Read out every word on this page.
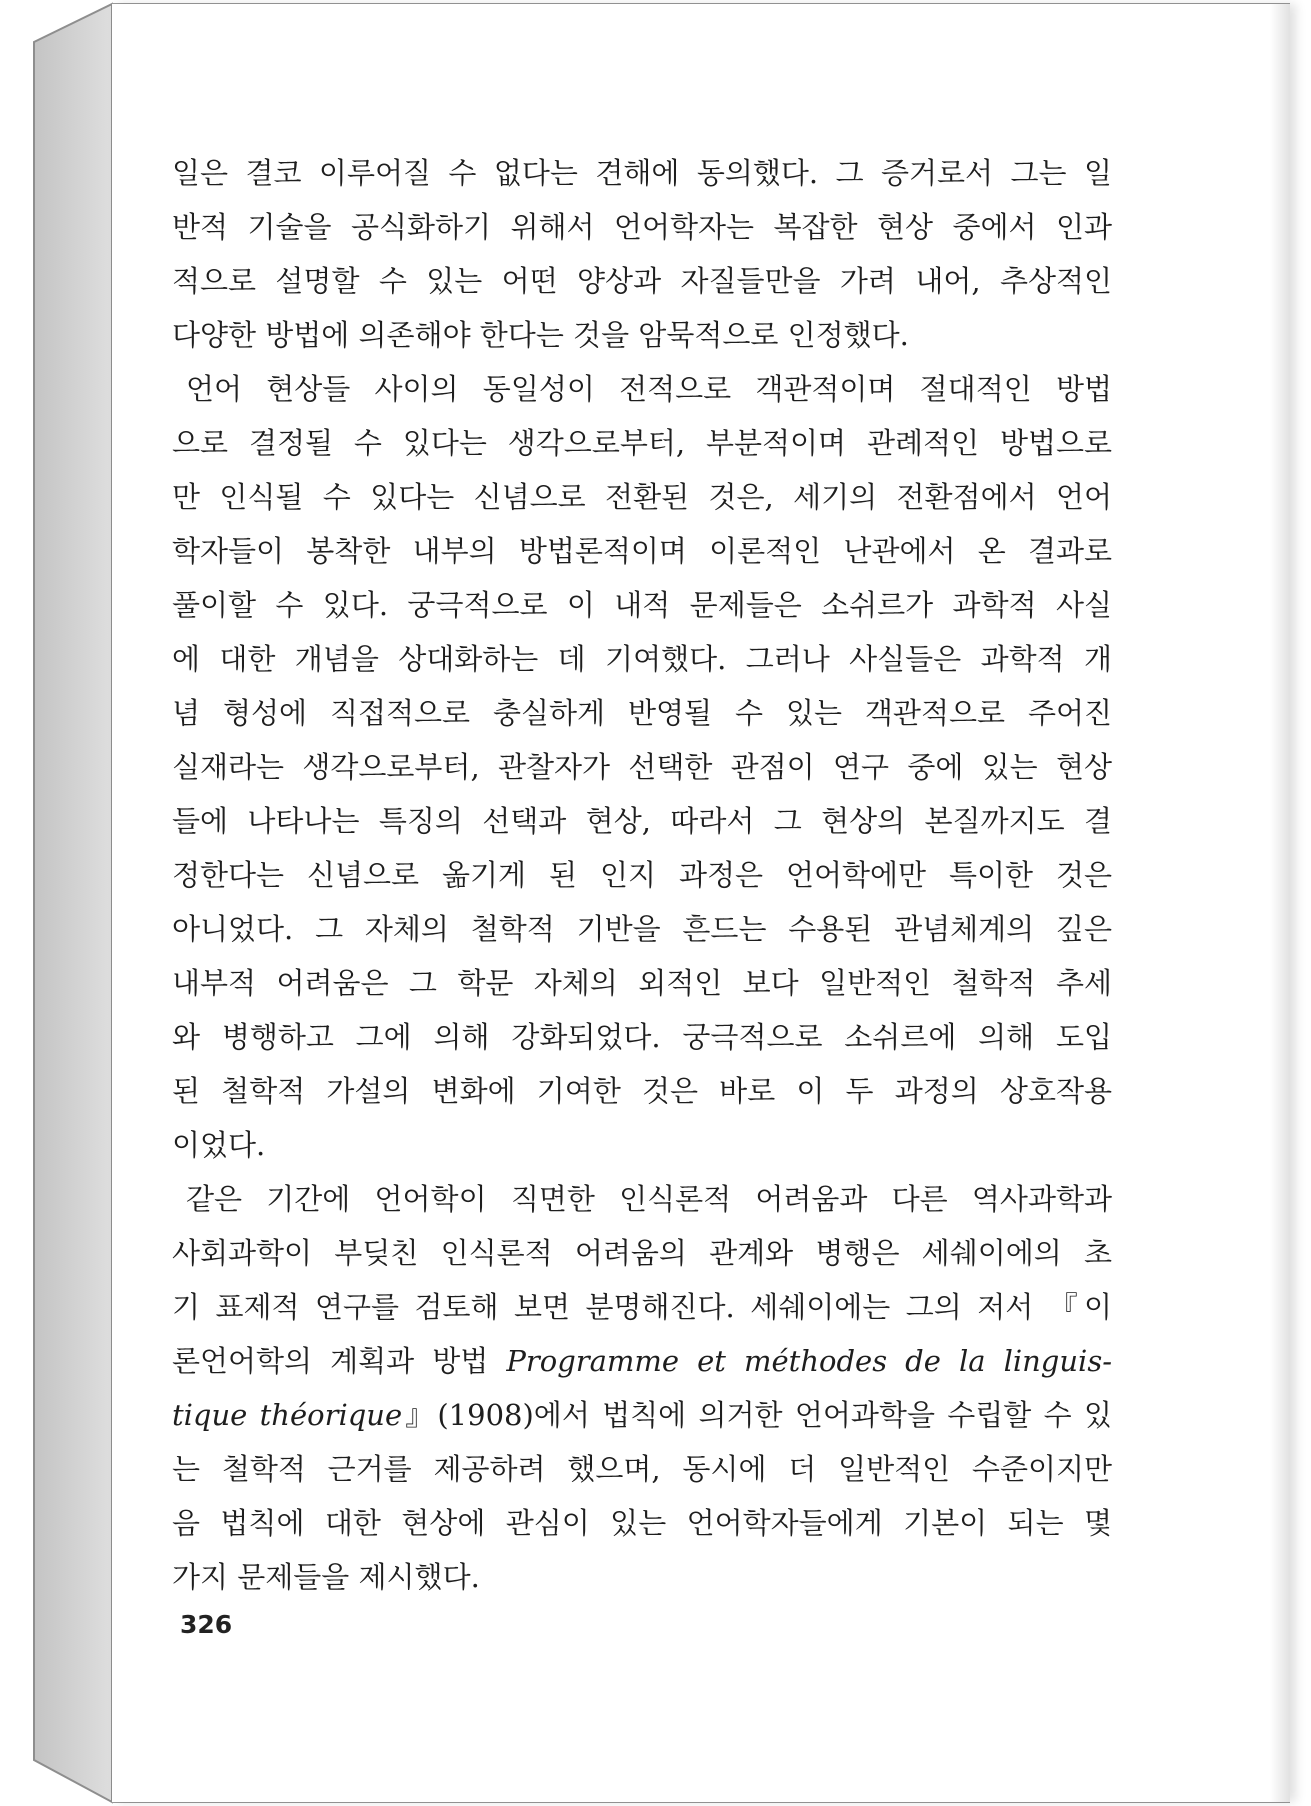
일은 결코 이루어질 수 없다는 견해에 동의했다. 그 증거로서 그는 일
반적 기술을 공식화하기 위해서 언어학자는 복잡한 현상 중에서 인과
적으로 설명할 수 있는 어떤 양상과 자질들만을 가려 내어, 추상적인
다양한 방법에 의존해야 한다는 것을 암묵적으로 인정했다.
언어 현상들 사이의 동일성이 전적으로 객관적이며 절대적인 방법
으로 결정될 수 있다는 생각으로부터, 부분적이며 관례적인 방법으로
만 인식될 수 있다는 신념으로 전환된 것은, 세기의 전환점에서 언어
학자들이 봉착한 내부의 방법론적이며 이론적인 난관에서 온 결과로
풀이할 수 있다. 궁극적으로 이 내적 문제들은 소쉬르가 과학적 사실
에 대한 개념을 상대화하는 데 기여했다. 그러나 사실들은 과학적 개
념 형성에 직접적으로 충실하게 반영될 수 있는 객관적으로 주어진
실재라는 생각으로부터, 관찰자가 선택한 관점이 연구 중에 있는 현상
들에 나타나는 특징의 선택과 현상, 따라서 그 현상의 본질까지도 결
정한다는 신념으로 옮기게 된 인지 과정은 언어학에만 특이한 것은
아니었다. 그 자체의 철학적 기반을 흔드는 수용된 관념체계의 깊은
내부적 어려움은 그 학문 자체의 외적인 보다 일반적인 철학적 추세
와 병행하고 그에 의해 강화되었다. 궁극적으로 소쉬르에 의해 도입
된 철학적 가설의 변화에 기여한 것은 바로 이 두 과정의 상호작용
이었다.
같은 기간에 언어학이 직면한 인식론적 어려움과 다른 역사과학과
사회과학이 부딪친 인식론적 어려움의 관계와 병행은 세쉐이에의 초
기 표제적 연구를 검토해 보면 분명해진다. 세쉐이에는 그의 저서 『이
론언어학의 계획과 방법 Programme et méthodes de la linguis-
tique théorique』(1908)에서 법칙에 의거한 언어과학을 수립할 수 있
는 철학적 근거를 제공하려 했으며, 동시에 더 일반적인 수준이지만
음 법칙에 대한 현상에 관심이 있는 언어학자들에게 기본이 되는 몇
가지 문제들을 제시했다.
326
